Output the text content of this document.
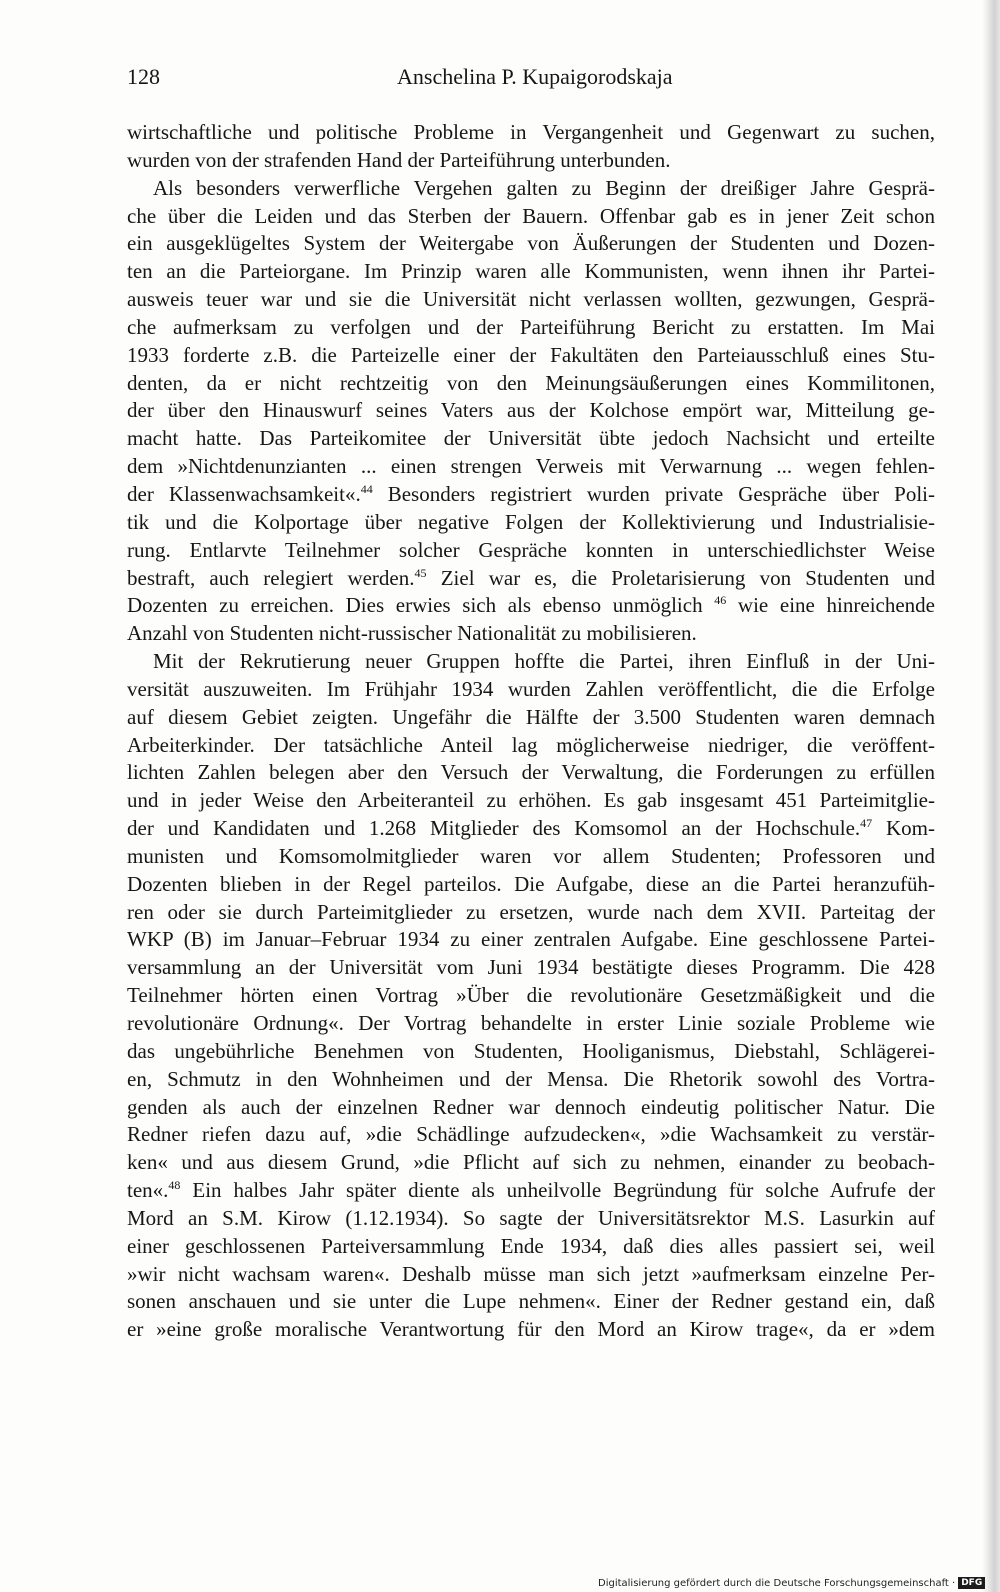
128	Anschelina P. Kupaigorodskaja
wirtschaftliche und politische Probleme in Vergangenheit und Gegenwart zu suchen,
wurden von der strafenden Hand der Parteiführung unterbunden.
Als besonders verwerfliche Vergehen galten zu Beginn der dreißiger Jahre Gesprä-
che über die Leiden und das Sterben der Bauern. Offenbar gab es in jener Zeit schon
ein ausgeklügeltes System der Weitergabe von Äußerungen der Studenten und Dozen-
ten an die Parteiorgane. Im Prinzip waren alle Kommunisten, wenn ihnen ihr Partei-
ausweis teuer war und sie die Universität nicht verlassen wollten, gezwungen, Gesprä-
che aufmerksam zu verfolgen und der Parteiführung Bericht zu erstatten. Im Mai
1933 forderte z.B. die Parteizelle einer der Fakultäten den Parteiausschluß eines Stu-
denten, da er nicht rechtzeitig von den Meinungsäußerungen eines Kommilitonen,
der über den Hinauswurf seines Vaters aus der Kolchose empört war, Mitteilung ge-
macht hatte. Das Parteikomitee der Universität übte jedoch Nachsicht und erteilte
dem »Nichtdenunzianten ... einen strengen Verweis mit Verwarnung ... wegen fehlen-
der Klassenwachsamkeit«.$^{44}$ Besonders registriert wurden private Gespräche über Poli-
tik und die Kolportage über negative Folgen der Kollektivierung und Industrialisie-
rung. Entlarvte Teilnehmer solcher Gespräche konnten in unterschiedlichster Weise
bestraft, auch relegiert werden.$^{45}$ Ziel war es, die Proletarisierung von Studenten und
Dozenten zu erreichen. Dies erwies sich als ebenso unmöglich $^{46}$ wie eine hinreichende
Anzahl von Studenten nicht-russischer Nationalität zu mobilisieren.
Mit der Rekrutierung neuer Gruppen hoffte die Partei, ihren Einfluß in der Uni-
versität auszuweiten. Im Frühjahr 1934 wurden Zahlen veröffentlicht, die die Erfolge
auf diesem Gebiet zeigten. Ungefähr die Hälfte der 3.500 Studenten waren demnach
Arbeiterkinder. Der tatsächliche Anteil lag möglicherweise niedriger, die veröffent-
lichten Zahlen belegen aber den Versuch der Verwaltung, die Forderungen zu erfüllen
und in jeder Weise den Arbeiteranteil zu erhöhen. Es gab insgesamt 451 Parteimitglie-
der und Kandidaten und 1.268 Mitglieder des Komsomol an der Hochschule.$^{47}$ Kom-
munisten und Komsomolmitglieder waren vor allem Studenten; Professoren und
Dozenten blieben in der Regel parteilos. Die Aufgabe, diese an die Partei heranzufüh-
ren oder sie durch Parteimitglieder zu ersetzen, wurde nach dem XVII. Parteitag der
WKP (B) im Januar–Februar 1934 zu einer zentralen Aufgabe. Eine geschlossene Partei-
versammlung an der Universität vom Juni 1934 bestätigte dieses Programm. Die 428
Teilnehmer hörten einen Vortrag »Über die revolutionäre Gesetzmäßigkeit und die
revolutionäre Ordnung«. Der Vortrag behandelte in erster Linie soziale Probleme wie
das ungebührliche Benehmen von Studenten, Hooliganismus, Diebstahl, Schlägerei-
en, Schmutz in den Wohnheimen und der Mensa. Die Rhetorik sowohl des Vortra-
genden als auch der einzelnen Redner war dennoch eindeutig politischer Natur. Die
Redner riefen dazu auf, »die Schädlinge aufzudecken«, »die Wachsamkeit zu verstär-
ken« und aus diesem Grund, »die Pflicht auf sich zu nehmen, einander zu beobach-
ten«.$^{48}$ Ein halbes Jahr später diente als unheilvolle Begründung für solche Aufrufe der
Mord an S.M. Kirow (1.12.1934). So sagte der Universitätsrektor M.S. Lasurkin auf
einer geschlossenen Parteiversammlung Ende 1934, daß dies alles passiert sei, weil
»wir nicht wachsam waren«. Deshalb müsse man sich jetzt »aufmerksam einzelne Per-
sonen anschauen und sie unter die Lupe nehmen«. Einer der Redner gestand ein, daß
er »eine große moralische Verantwortung für den Mord an Kirow trage«, da er »dem
Digitalisierung gefördert durch die Deutsche Forschungsgemeinschaft · DFG
